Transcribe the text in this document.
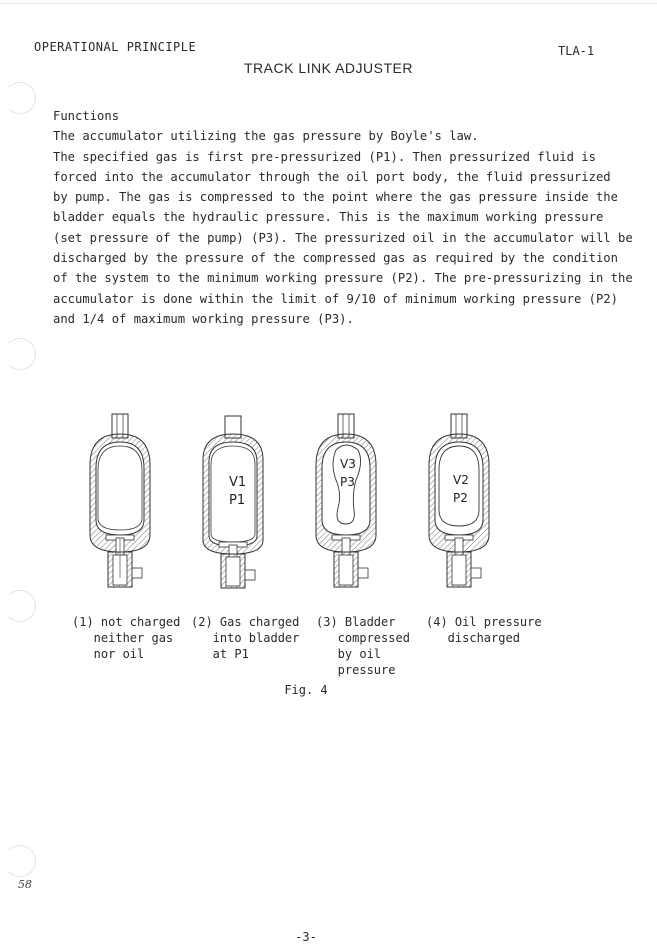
OPERATIONAL PRINCIPLE	TLA-1
TRACK LINK ADJUSTER
Functions
The accumulator utilizing the gas pressure by Boyle's law.
The specified gas is first pre-pressurized (P1). Then pressurized fluid is
forced into the accumulator through the oil port body, the fluid pressurized
by pump. The gas is compressed to the point where the gas pressure inside the
bladder equals the hydraulic pressure. This is the maximum working pressure
(set pressure of the pump) (P3). The pressurized oil in the accumulator will be
discharged by the pressure of the compressed gas as required by the condition
of the system to the minimum working pressure (P2). The pre-pressurizing in the
accumulator is done within the limit of 9/10 of minimum working pressure (P2)
and 1/4 of maximum working pressure (P3).
V1
P1
V3
P3	V2
P2
(1) not charged
neither gas
nor oil
(2) Gas charged
into bladder
at P1
(3) Bladder
compressed
by oil
pressure
(4) Oil pressure
discharged
Fig. 4
58
-3-
